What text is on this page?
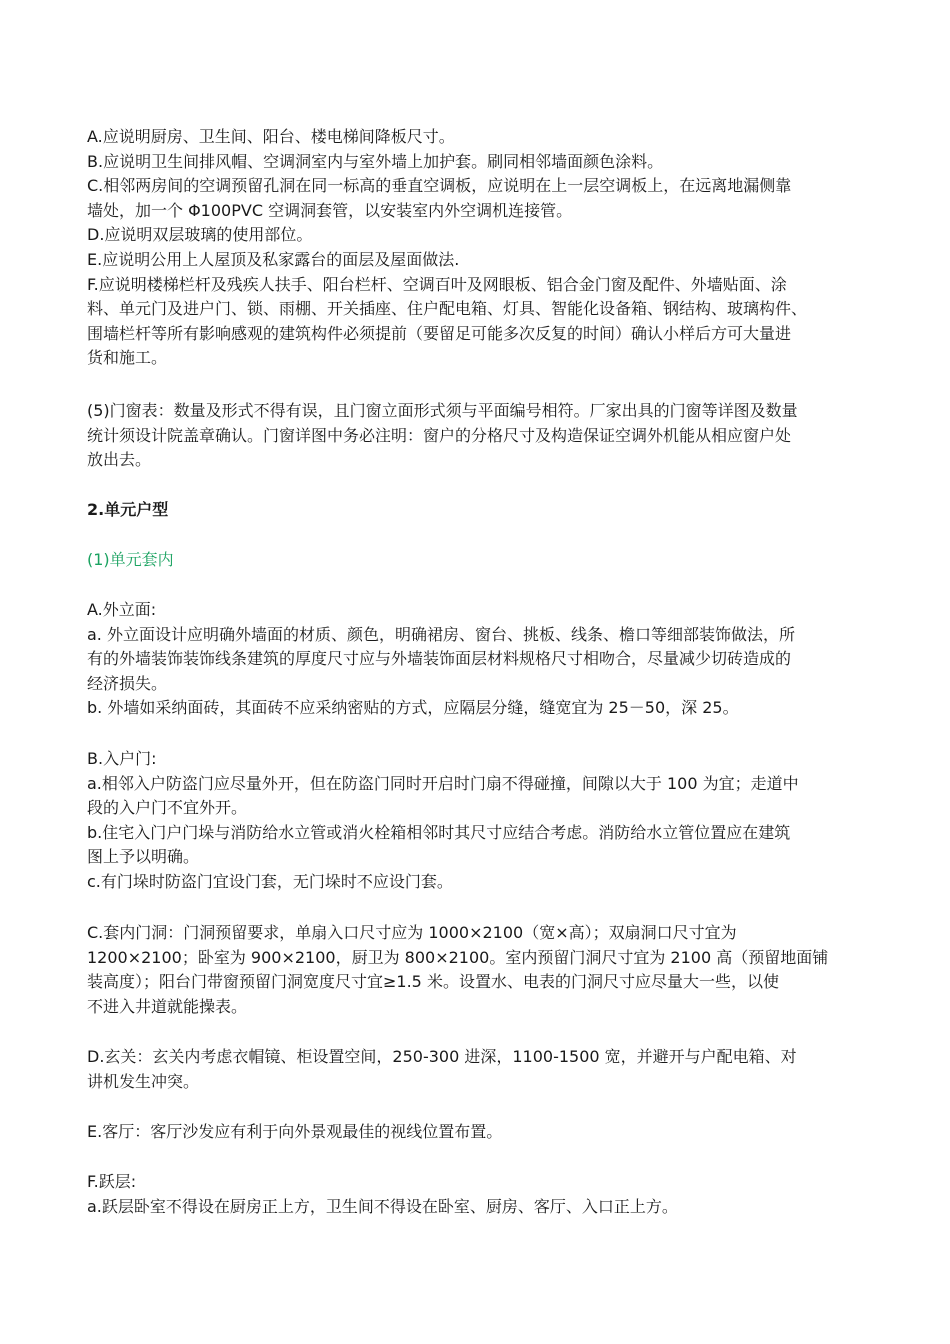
A.应说明厨房、卫生间、阳台、楼电梯间降板尺寸。
B.应说明卫生间排风帽、空调洞室内与室外墙上加护套。刷同相邻墙面颜色涂料。
C.相邻两房间的空调预留孔洞在同一标高的垂直空调板，应说明在上一层空调板上，在远离地漏侧靠
墙处，加一个 Φ100PVC 空调洞套管，以安装室内外空调机连接管。
D.应说明双层玻璃的使用部位。
E.应说明公用上人屋顶及私家露台的面层及屋面做法.
F.应说明楼梯栏杆及残疾人扶手、阳台栏杆、空调百叶及网眼板、铝合金门窗及配件、外墙贴面、涂
料、单元门及进户门、锁、雨棚、开关插座、住户配电箱、灯具、智能化设备箱、钢结构、玻璃构件、
围墙栏杆等所有影响感观的建筑构件必须提前（要留足可能多次反复的时间）确认小样后方可大量进
货和施工。
(5)门窗表：数量及形式不得有误，且门窗立面形式须与平面编号相符。厂家出具的门窗等详图及数量
统计须设计院盖章确认。门窗详图中务必注明：窗户的分格尺寸及构造保证空调外机能从相应窗户处
放出去。
2.单元户型
(1)单元套内
A.外立面:
a. 外立面设计应明确外墙面的材质、颜色，明确裙房、窗台、挑板、线条、檐口等细部装饰做法，所
有的外墙装饰装饰线条建筑的厚度尺寸应与外墙装饰面层材料规格尺寸相吻合，尽量减少切砖造成的
经济损失。
b. 外墙如采纳面砖，其面砖不应采纳密贴的方式，应隔层分缝，缝宽宜为 25－50，深 25。
B.入户门:
a.相邻入户防盗门应尽量外开，但在防盗门同时开启时门扇不得碰撞，间隙以大于 100 为宜；走道中
段的入户门不宜外开。
b.住宅入门户门垛与消防给水立管或消火栓箱相邻时其尺寸应结合考虑。消防给水立管位置应在建筑
图上予以明确。
c.有门垛时防盗门宜设门套，无门垛时不应设门套。
C.套内门洞：门洞预留要求，单扇入口尺寸应为 1000×2100（宽×高）；双扇洞口尺寸宜为
1200×2100；卧室为 900×2100，厨卫为 800×2100。室内预留门洞尺寸宜为 2100 高（预留地面铺
装高度）；阳台门带窗预留门洞宽度尺寸宜≥1.5 米。设置水、电表的门洞尺寸应尽量大一些，以使
不进入井道就能操表。
D.玄关：玄关内考虑衣帽镜、柜设置空间，250-300 进深，1100-1500 宽，并避开与户配电箱、对
讲机发生冲突。
E.客厅：客厅沙发应有利于向外景观最佳的视线位置布置。
F.跃层:
a.跃层卧室不得设在厨房正上方，卫生间不得设在卧室、厨房、客厅、入口正上方。
